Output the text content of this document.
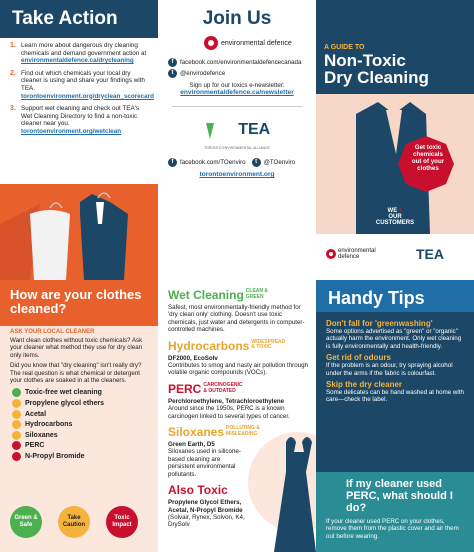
Take Action
1. Learn more about dangerous dry cleaning chemicals and demand government action at environmentaldefence.ca/drycleaning
2. Find out which chemicals your local dry cleaner is using and share your findings with TEA. torontoenvironment.org/dryclean_scorecard
3. Support wet cleaning and check out TEA's Wet Cleaning Directory to find a non-toxic cleaner near you. torontoenvironment.org/wetclean
Join Us
environmental defence
f	facebook.com/environmentaldefencecanada
t	@envirodefence
Sign up for our toxics e-newsletter:
environmentaldefence.ca/newsletter
TEA
TORONTO ENVIRONMENTAL ALLIANCE
f	facebook.com/TOenviro	t	@TOenviro
torontoenvironment.org
A GUIDE TO
Non-Toxic
Dry Cleaning
Get toxic
chemicals
out of your
clothes
WE ♥
OUR CUSTOMERS
environmental defence	TEA
How are your clothes cleaned?
ASK YOUR LOCAL CLEANER
Want clean clothes without toxic chemicals? Ask your cleaner what method they use for dry clean only items.
Did you know that "dry cleaning" isn't really dry? The real question is what chemical or detergent your clothes are soaked in at the cleaners.
Toxic-free wet cleaning
Propylene glycol ethers
Acetal
Hydrocarbons
Siloxanes
PERC
N-Propyl Bromide
Green & Safe
Take Caution
Toxic Impact
Wet Cleaning CLEAN & GREEN
Safest, most environmentally-friendly method for 'dry clean only' clothing. Doesn't use toxic chemicals, just water and detergents in computer-controlled machines.
Hydrocarbons WIDESPREAD & TOXIC
DF2000, EcoSolv
Contributes to smog and nasty air pollution through volatile organic compounds (VOCs).
PERC CARCINOGENIC & OUTDATED
Perchloroethylene, Tetrachloroethylene
Around since the 1950s, PERC is a known carcinogen linked to several types of cancer.
Siloxanes POLLUTING & MISLEADING
Green Earth, D5
Siloxanes used in silicone-based cleaning are persistent environmental pollutants.
Also Toxic
Propylene Glycol Ethers, Acetal, N-Propyl Bromide
(Solvair, Rynex, Solvon, K4, DrySolv
Handy Tips
Don't fall for 'greenwashing'
Some options advertised as "green" or "organic" actually harm the environment. Only wet cleaning is fully environmentally and health-friendly.
Get rid of odours
If the problem is an odour, try spraying alcohol under the arms if the fabric is colourfast.
Skip the dry cleaner
Some delicates can be hand washed at home with care—check the label.
If my cleaner used PERC, what should I do?
If your cleaner used PERC on your clothes, remove them from the plastic cover and air them out before wearing.
